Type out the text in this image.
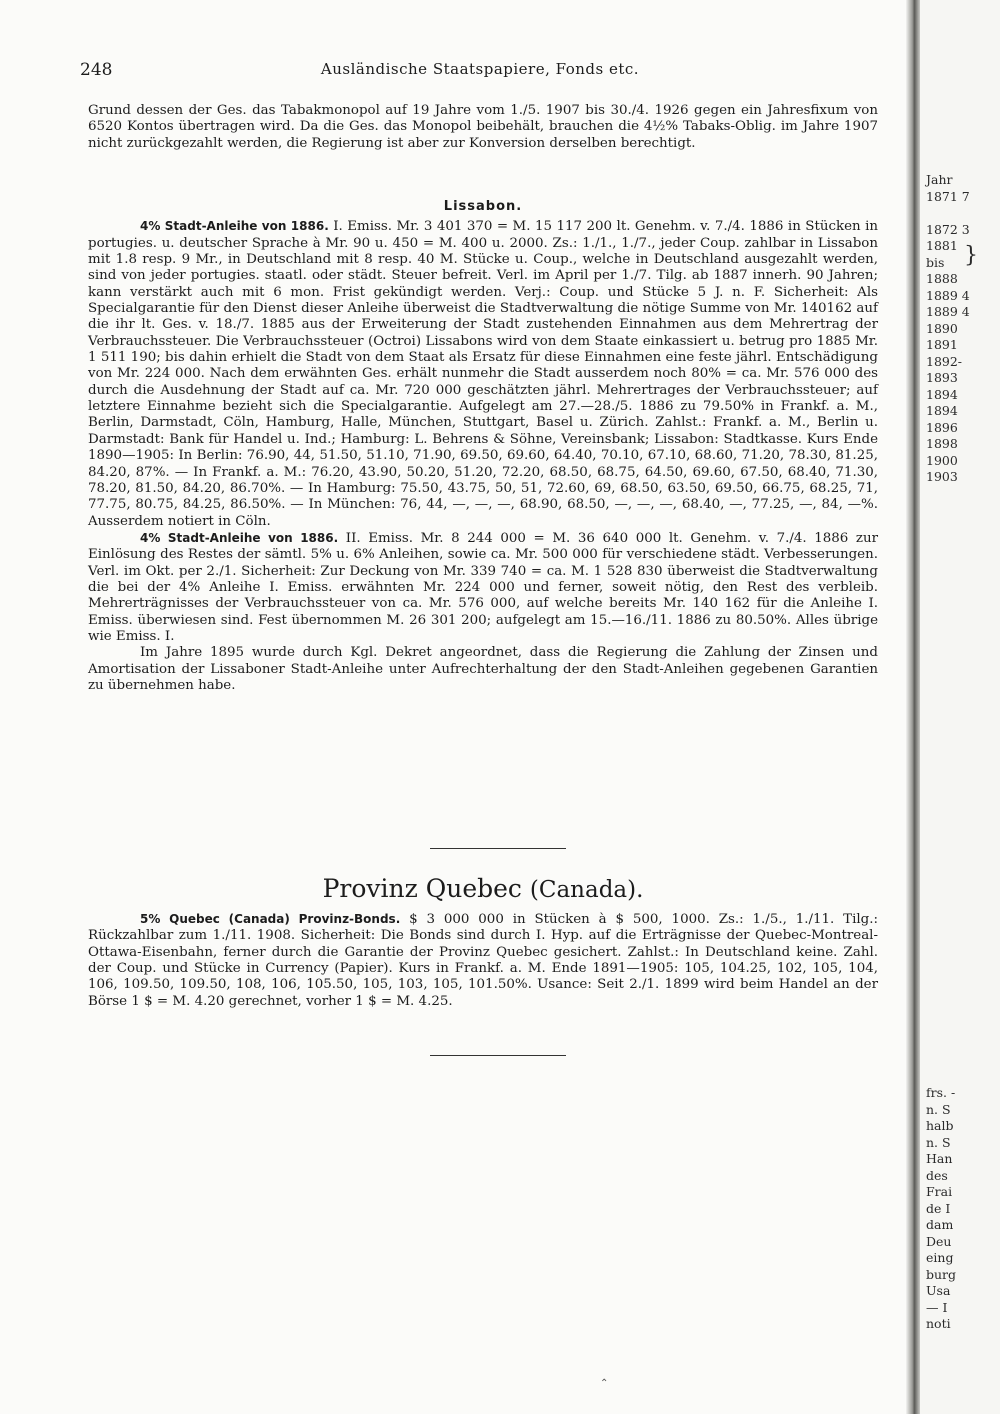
248	Ausländische Staatspapiere, Fonds etc.

Grund dessen der Ges. das Tabakmonopol auf 19 Jahre vom 1./5. 1907 bis 30./4. 1926 gegen ein Jahresfixum von 6520 Kontos übertragen wird. Da die Ges. das Monopol beibehält, brauchen die 4½% Tabaks-Oblig. im Jahre 1907 nicht zurückgezahlt werden, die Regierung ist aber zur Konversion derselben berechtigt.

Lissabon.

4% Stadt-Anleihe von 1886. I. Emiss. Mr. 3 401 370 = M. 15 117 200 lt. Genehm. v. 7./4. 1886 in Stücken in portugies. u. deutscher Sprache à Mr. 90 u. 450 = M. 400 u. 2000. Zs.: 1./1., 1./7., jeder Coup. zahlbar in Lissabon mit 1.8 resp. 9 Mr., in Deutschland mit 8 resp. 40 M. Stücke u. Coup., welche in Deutschland ausgezahlt werden, sind von jeder portugies. staatl. oder städt. Steuer befreit. Verl. im April per 1./7. Tilg. ab 1887 innerh. 90 Jahren; kann verstärkt auch mit 6 mon. Frist gekündigt werden. Verj.: Coup. und Stücke 5 J. n. F. Sicherheit: Als Specialgarantie für den Dienst dieser Anleihe überweist die Stadtverwaltung die nötige Summe von Mr. 140162 auf die ihr lt. Ges. v. 18./7. 1885 aus der Erweiterung der Stadt zustehenden Einnahmen aus dem Mehrertrag der Verbrauchssteuer. Die Verbrauchssteuer (Octroi) Lissabons wird von dem Staate einkassiert u. betrug pro 1885 Mr. 1 511 190; bis dahin erhielt die Stadt von dem Staat als Ersatz für diese Einnahmen eine feste jährl. Entschädigung von Mr. 224 000. Nach dem erwähnten Ges. erhält nunmehr die Stadt ausserdem noch 80% = ca. Mr. 576 000 des durch die Ausdehnung der Stadt auf ca. Mr. 720 000 geschätzten jährl. Mehrertrages der Verbrauchssteuer; auf letztere Einnahme bezieht sich die Specialgarantie. Aufgelegt am 27.—28./5. 1886 zu 79.50% in Frankf. a. M., Berlin, Darmstadt, Cöln, Hamburg, Halle, München, Stuttgart, Basel u. Zürich. Zahlst.: Frankf. a. M., Berlin u. Darmstadt: Bank für Handel u. Ind.; Hamburg: L. Behrens & Söhne, Vereinsbank; Lissabon: Stadtkasse. Kurs Ende 1890—1905: In Berlin: 76.90, 44, 51.50, 51.10, 71.90, 69.50, 69.60, 64.40, 70.10, 67.10, 68.60, 71.20, 78.30, 81.25, 84.20, 87%. — In Frankf. a. M.: 76.20, 43.90, 50.20, 51.20, 72.20, 68.50, 68.75, 64.50, 69.60, 67.50, 68.40, 71.30, 78.20, 81.50, 84.20, 86.70%. — In Hamburg: 75.50, 43.75, 50, 51, 72.60, 69, 68.50, 63.50, 69.50, 66.75, 68.25, 71, 77.75, 80.75, 84.25, 86.50%. — In München: 76, 44, —, —, —, 68.90, 68.50, —, —, —, 68.40, —, 77.25, —, 84, —%. Ausserdem notiert in Cöln.

4% Stadt-Anleihe von 1886. II. Emiss. Mr. 8 244 000 = M. 36 640 000 lt. Genehm. v. 7./4. 1886 zur Einlösung des Restes der sämtl. 5% u. 6% Anleihen, sowie ca. Mr. 500 000 für verschiedene städt. Verbesserungen. Verl. im Okt. per 2./1. Sicherheit: Zur Deckung von Mr. 339 740 = ca. M. 1 528 830 überweist die Stadtverwaltung die bei der 4% Anleihe I. Emiss. erwähnten Mr. 224 000 und ferner, soweit nötig, den Rest des verbleib. Mehrerträgnisses der Verbrauchssteuer von ca. Mr. 576 000, auf welche bereits Mr. 140 162 für die Anleihe I. Emiss. überwiesen sind. Fest übernommen M. 26 301 200; aufgelegt am 15.—16./11. 1886 zu 80.50%. Alles übrige wie Emiss. I.

Im Jahre 1895 wurde durch Kgl. Dekret angeordnet, dass die Regierung die Zahlung der Zinsen und Amortisation der Lissaboner Stadt-Anleihe unter Aufrechterhaltung der den Stadt-Anleihen gegebenen Garantien zu übernehmen habe.

Provinz Quebec (Canada).

5% Quebec (Canada) Provinz-Bonds. $ 3 000 000 in Stücken à $ 500, 1000. Zs.: 1./5., 1./11. Tilg.: Rückzahlbar zum 1./11. 1908. Sicherheit: Die Bonds sind durch I. Hyp. auf die Erträgnisse der Quebec-Montreal-Ottawa-Eisenbahn, ferner durch die Garantie der Provinz Quebec gesichert. Zahlst.: In Deutschland keine. Zahl. der Coup. und Stücke in Currency (Papier). Kurs in Frankf. a. M. Ende 1891—1905: 105, 104.25, 102, 105, 104, 106, 109.50, 109.50, 108, 106, 105.50, 105, 103, 105, 101.50%. Usance: Seit 2./1. 1899 wird beim Handel an der Börse 1 $ = M. 4.20 gerechnet, vorher 1 $ = M. 4.25.

Jahr
1871 7

1872 3
1881
bis
1888
1889 4
1889 4
1890
1891
1892-
1893
1894
1894
1896
1898
1900
1903
}
frs. -
n. S
halb
n. S
Han
des
Frai
de I
dam
Deu
eing
burg
Usa
— I
noti
⌃
